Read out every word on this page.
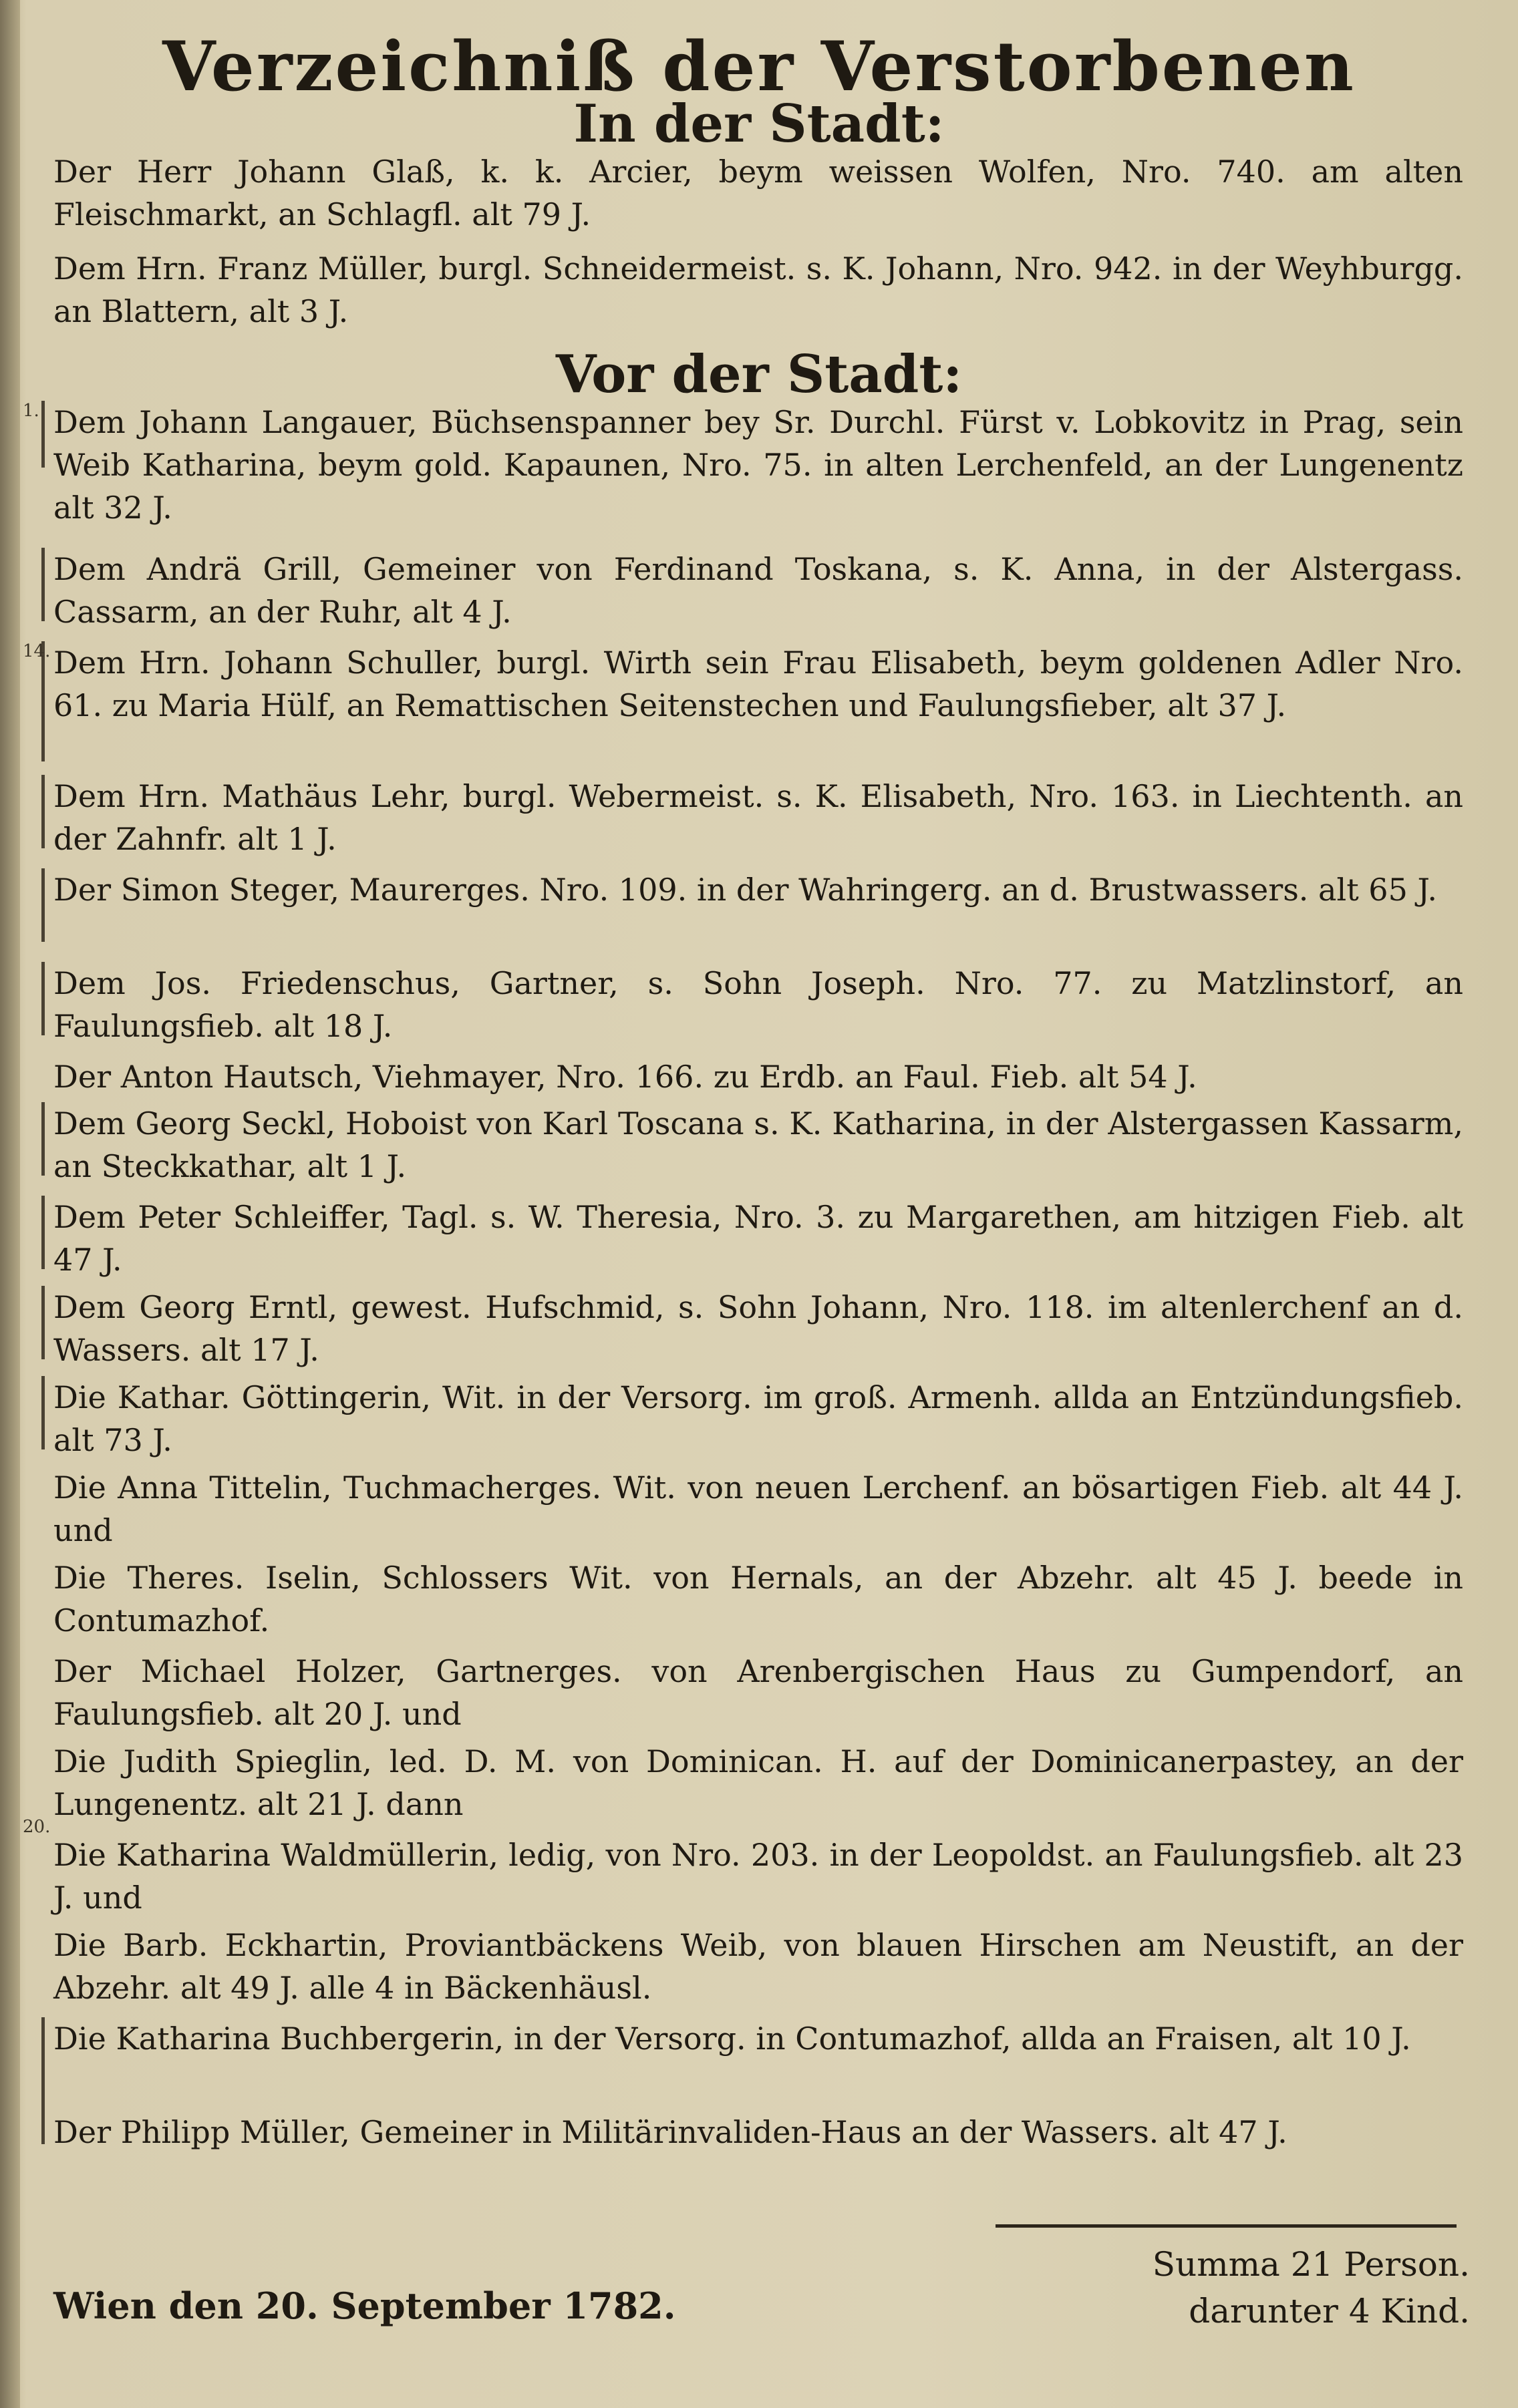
Verzeichniß der Verstorbenen
In der Stadt:

Der Herr Johann Glaß, k. k. Arcier, beym weissen Wolfen, Nro. 740. am alten Fleischmarkt, an Schlagfl. alt 79 J.

Dem Hrn. Franz Müller, burgl. Schneidermeist. s. K. Johann, Nro. 942. in der Weyhburgg. an Blattern, alt 3 J.

Vor der Stadt:

Dem Johann Langauer, Büchsenspanner bey Sr. Durchl. Fürst v. Lobkovitz in Prag, sein Weib Katharina, beym gold. Kapaunen, Nro. 75. in alten Lerchenfeld, an der Lungenentz alt 32 J.

Dem Andrä Grill, Gemeiner von Ferdinand Toskana, s. K. Anna, in der Alstergass. Cassarm, an der Ruhr, alt 4 J.

Dem Hrn. Johann Schuller, burgl. Wirth sein Frau Elisabeth, beym goldenen Adler Nro. 61. zu Maria Hülf, an Remattischen Seitenstechen und Faulungsfieber, alt 37 J.

Dem Hrn. Mathäus Lehr, burgl. Webermeist. s. K. Elisabeth, Nro. 163. in Liechtenth. an der Zahnfr. alt 1 J.

Der Simon Steger, Maurerges. Nro. 109. in der Wahringerg. an d. Brustwassers. alt 65 J.

Dem Jos. Friedenschus, Gartner, s. Sohn Joseph. Nro. 77. zu Matzlinstorf, an Faulungsfieb. alt 18 J.

Der Anton Hautsch, Viehmayer, Nro. 166. zu Erdb. an Faul. Fieb. alt 54 J.

Dem Georg Seckl, Hoboist von Karl Toscana s. K. Katharina, in der Alstergassen Kassarm, an Steckkathar, alt 1 J.

Dem Peter Schleiffer, Tagl. s. W. Theresia, Nro. 3. zu Margarethen, am hitzigen Fieb. alt 47 J.

Dem Georg Erntl, gewest. Hufschmid, s. Sohn Johann, Nro. 118. im altenlerchenf an d. Wassers. alt 17 J.

Die Kathar. Göttingerin, Wit. in der Versorg. im groß. Armenh. allda an Entzündungsfieb. alt 73 J.

Die Anna Tittelin, Tuchmacherges. Wit. von neuen Lerchenf. an bösartigen Fieb. alt 44 J. und

Die Theres. Iselin, Schlossers Wit. von Hernals, an der Abzehr. alt 45 J. beede in Contumazhof.

Der Michael Holzer, Gartnerges. von Arenbergischen Haus zu Gumpendorf, an Faulungsfieb. alt 20 J. und

Die Judith Spieglin, led. D. M. von Dominican. H. auf der Dominicanerpastey, an der Lungenentz. alt 21 J. dann

Die Katharina Waldmüllerin, ledig, von Nro. 203. in der Leopoldst. an Faulungsfieb. alt 23 J. und

Die Barb. Eckhartin, Proviantbäckens Weib, von blauen Hirschen am Neustift, an der Abzehr. alt 49 J. alle 4 in Bäckenhäusl.

Die Katharina Buchbergerin, in der Versorg. in Contumazhof, allda an Fraisen, alt 10 J.

Der Philipp Müller, Gemeiner in Militärinvaliden-Haus an der Wassers. alt 47 J.

1.
14.
20.

Summa 21 Person.
darunter 4 Kind.

Wien den 20. September 1782.
